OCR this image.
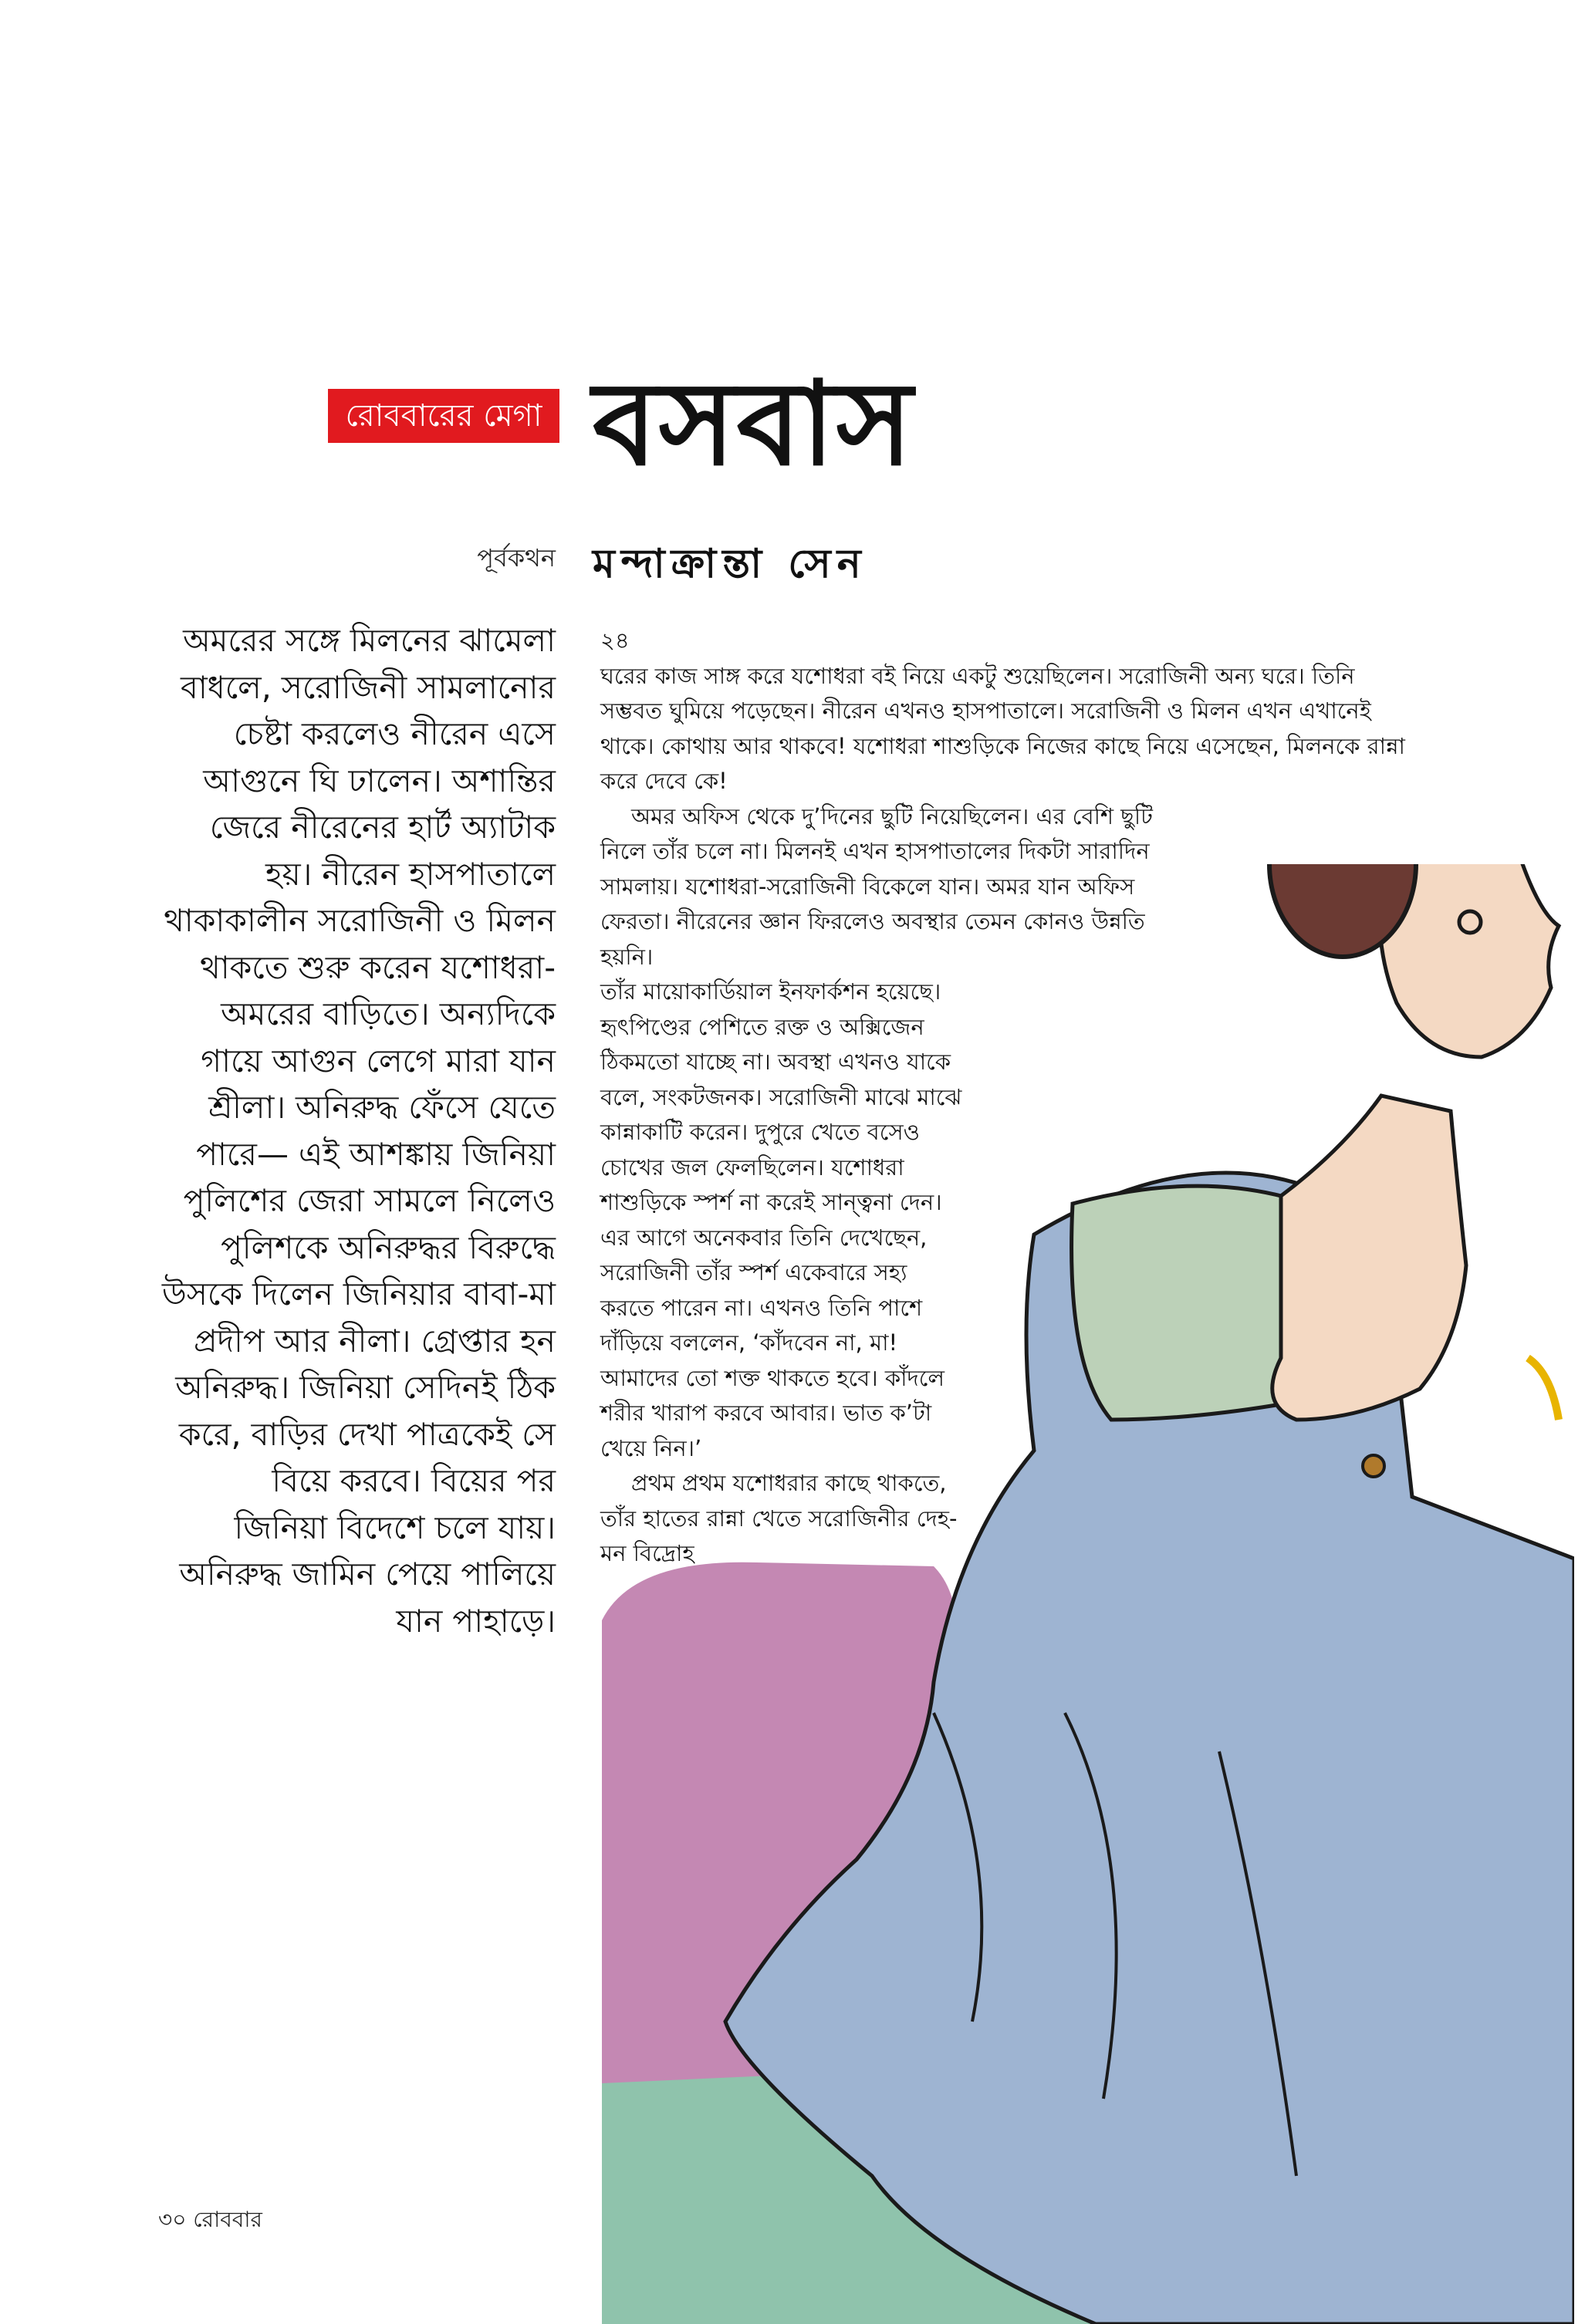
রোববারের মেগা বসবাস
পূর্বকথন মন্দাক্রান্তা সেন
অমরের সঙ্গে মিলনের ঝামেলা
বাধলে, সরোজিনী সামলানোর
চেষ্টা করলেও নীরেন এসে
আগুনে ঘি ঢালেন। অশান্তির
জেরে নীরেনের হার্ট অ্যাটাক
হয়। নীরেন হাসপাতালে
থাকাকালীন সরোজিনী ও মিলন
থাকতে শুরু করেন যশোধরা-
অমরের বাড়িতে। অন্যদিকে
গায়ে আগুন লেগে মারা যান
শ্রীলা। অনিরুদ্ধ ফেঁসে যেতে
পারে— এই আশঙ্কায় জিনিয়া
পুলিশের জেরা সামলে নিলেও
পুলিশকে অনিরুদ্ধর বিরুদ্ধে
উসকে দিলেন জিনিয়ার বাবা-মা
প্রদীপ আর নীলা। গ্রেপ্তার হন
অনিরুদ্ধ। জিনিয়া সেদিনই ঠিক
করে, বাড়ির দেখা পাত্রকেই সে
বিয়ে করবে। বিয়ের পর
জিনিয়া বিদেশে চলে যায়।
অনিরুদ্ধ জামিন পেয়ে পালিয়ে
যান পাহাড়ে।
২৪
ঘরের কাজ সাঙ্গ করে যশোধরা বই নিয়ে একটু শুয়েছিলেন। সরোজিনী অন্য ঘরে। তিনি সম্ভবত ঘুমিয়ে পড়েছেন। নীরেন এখনও হাসপাতালে। সরোজিনী ও মিলন এখন এখানেই থাকে। কোথায় আর থাকবে! যশোধরা শাশুড়িকে নিজের কাছে নিয়ে এসেছেন, মিলনকে রান্না করে দেবে কে!
অমর অফিস থেকে দু’দিনের ছুটি নিয়েছিলেন। এর বেশি ছুটি নিলে তাঁর চলে না। মিলনই এখন হাসপাতালের দিকটা সারাদিন সামলায়। যশোধরা-সরোজিনী বিকেলে যান। অমর যান অফিস ফেরতা। নীরেনের জ্ঞান ফিরলেও অবস্থার তেমন কোনও উন্নতি হয়নি।
তাঁর মায়োকার্ডিয়াল ইনফার্কশন হয়েছে। হৃৎপিণ্ডের পেশিতে রক্ত ও অক্সিজেন ঠিকমতো যাচ্ছে না। অবস্থা এখনও যাকে বলে, সংকটজনক। সরোজিনী মাঝে মাঝে কান্নাকাটি করেন। দুপুরে খেতে বসেও চোখের জল ফেলছিলেন। যশোধরা শাশুড়িকে স্পর্শ না করেই সান্ত্বনা দেন। এর আগে অনেকবার তিনি দেখেছেন, সরোজিনী তাঁর স্পর্শ একেবারে সহ্য করতে পারেন না। এখনও তিনি পাশে দাঁড়িয়ে বললেন, ‘কাঁদবেন না, মা! আমাদের তো শক্ত থাকতে হবে। কাঁদলে শরীর খারাপ করবে আবার। ভাত ক’টা খেয়ে নিন।’
প্রথম প্রথম যশোধরার কাছে থাকতে, তাঁর হাতের রান্না খেতে সরোজিনীর দেহ-মন বিদ্রোহ
৩০ রোববার
